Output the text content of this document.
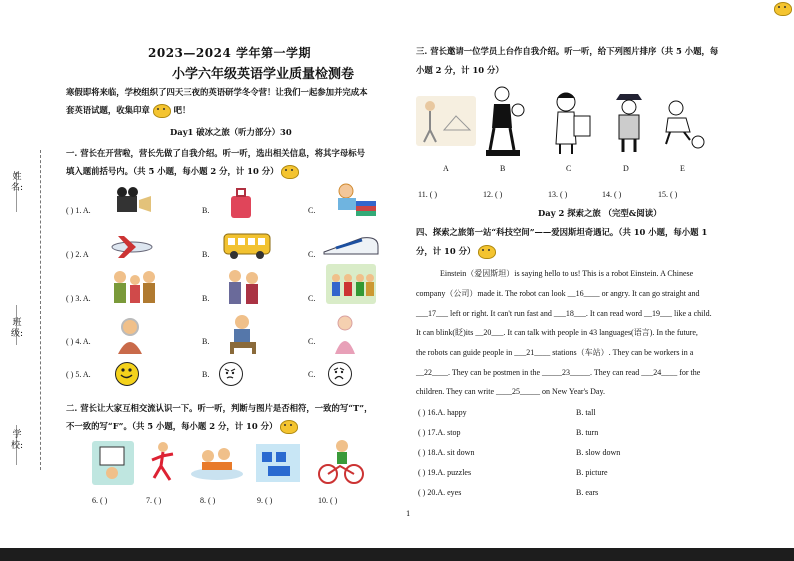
姓名:
班级:
学校:
2023—2024 学年第一学期
小学六年级英语学业质量检测卷
寒假即将来临，学校组织了四天三夜的英语研学冬令营！让我们一起参加并完成本
套英语试题，收集印章	吧！
Day1 破冰之旅（听力部分）30
一. 营长在开营啦，营长先做了自我介绍。听一听，选出相关信息，将其字母标号
填入题前括号内。（共 5 小题，每小题 2 分，计 10 分）
( ) 1. A.	B.	C.
( ) 2. A	B.	C.
( ) 3. A.	B.	C.
( ) 4. A.	B.	C.
( ) 5. A.	B.	C.
二. 营长让大家互相交流认识一下。听一听，判断与图片是否相符，一致的写“T”，
不一致的写“F”。（共 5 小题，每小题 2 分，计 10 分）
6. ( )	7. ( )	8. ( )	9. ( )	10. ( )
1
三. 营长邀请一位学员上台作自我介绍。听一听，给下列图片排序（共 5 小题，每
小题 2 分，计 10 分）
A	B	C	D	E
11. ( )	12. ( )	13. ( )	14. ( )	15. ( )
Day 2 探索之旅 （完型&阅读）
四、探索之旅第一站“科技空间”——爱因斯坦奇遇记。（共 10 小题，每小题 1
分，计 10 分）
Einstein（爱因斯坦）is saying hello to us! This is a robot Einstein. A Chinese
company（公司）made it. The robot can look __16____ or angry. It can go straight and
___17___ left or right. It can't run fast and ___18___. It can read word __19___ like a child.
It can blink(眨)its __20___. It can talk with people in 43 languages(语言). In the future,
the robots can guide people in ___21____ stations（车站）. They can be workers in a
__22____. They can be postmen in the _____23_____. They can read ___24____ for the
children. They can write ____25_____ on New Year's Day.
( ) 16.A. happy	B. tall
( ) 17.A. stop	B. turn
( ) 18.A. sit down	B. slow down
( ) 19.A. puzzles	B. picture
( ) 20.A. eyes	B. ears
